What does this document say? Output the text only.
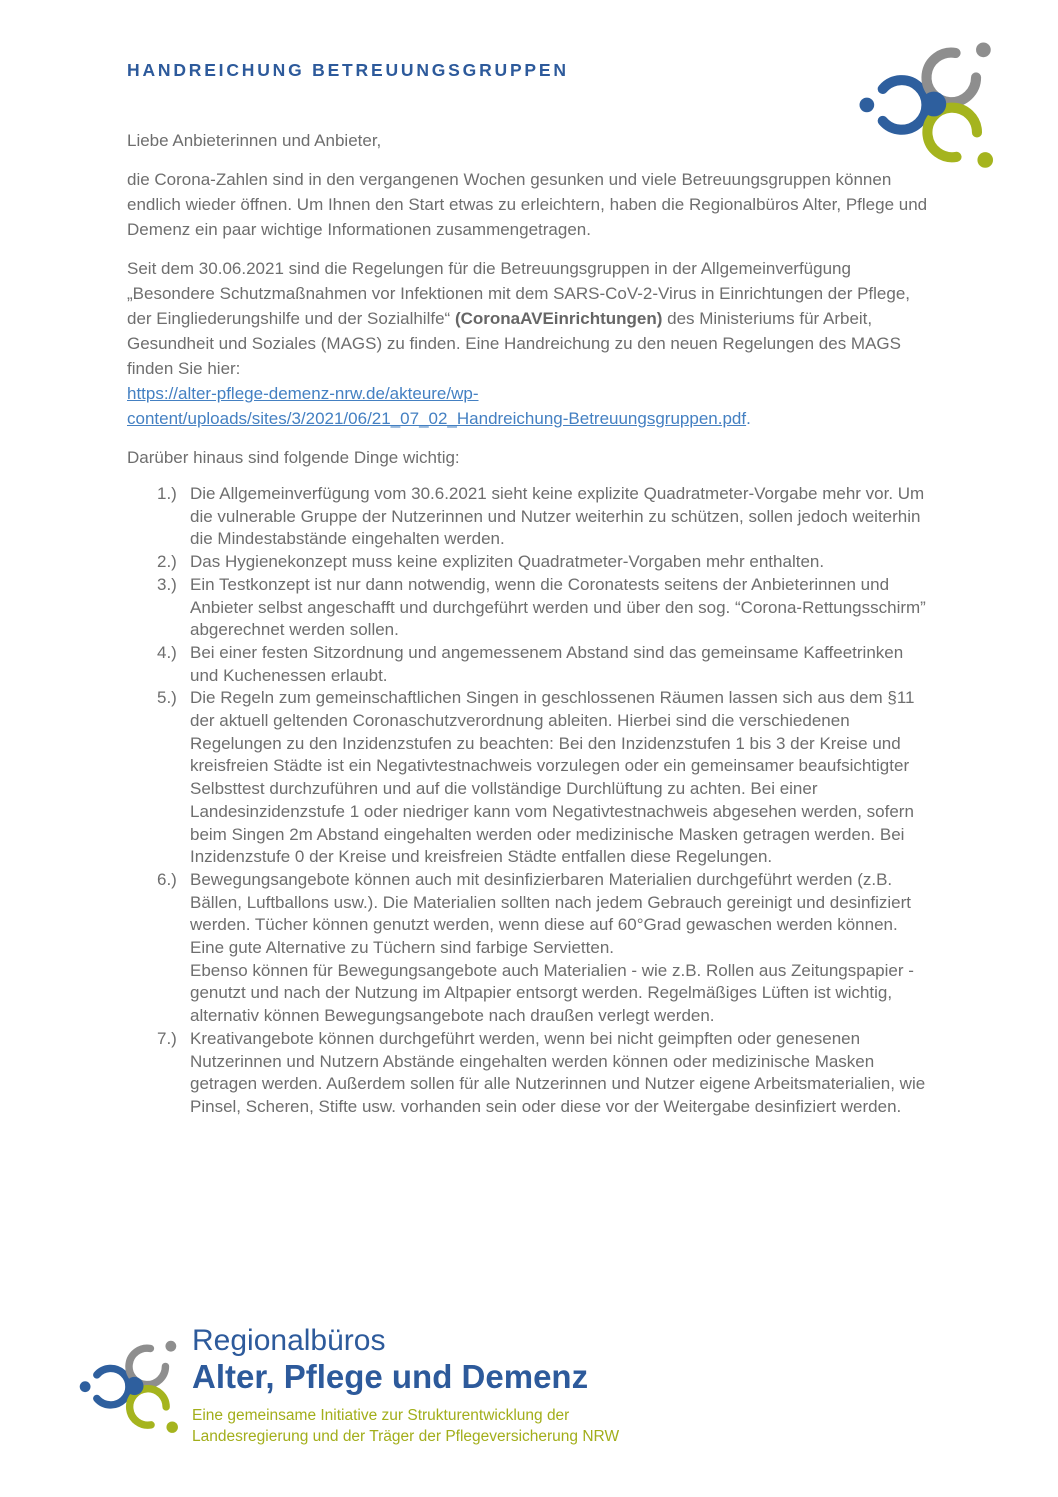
HANDREICHUNG BETREUUNGSGRUPPEN

Liebe Anbieterinnen und Anbieter,

die Corona-Zahlen sind in den vergangenen Wochen gesunken und viele Betreuungsgruppen können endlich wieder öffnen. Um Ihnen den Start etwas zu erleichtern, haben die Regionalbüros Alter, Pflege und Demenz ein paar wichtige Informationen zusammengetragen.

Seit dem 30.06.2021 sind die Regelungen für die Betreuungsgruppen in der Allgemeinverfügung „Besondere Schutzmaßnahmen vor Infektionen mit dem SARS-CoV-2-Virus in Einrichtungen der Pflege, der Eingliederungshilfe und der Sozialhilfe“ (CoronaAVEinrichtungen) des Ministeriums für Arbeit, Gesundheit und Soziales (MAGS) zu finden. Eine Handreichung zu den neuen Regelungen des MAGS finden Sie hier:
https://alter-pflege-demenz-nrw.de/akteure/wp-
content/uploads/sites/3/2021/06/21_07_02_Handreichung-Betreuungsgruppen.pdf.

Darüber hinaus sind folgende Dinge wichtig:

1.) Die Allgemeinverfügung vom 30.6.2021 sieht keine explizite Quadratmeter-Vorgabe mehr vor. Um die vulnerable Gruppe der Nutzerinnen und Nutzer weiterhin zu schützen, sollen jedoch weiterhin die Mindestabstände eingehalten werden.

2.) Das Hygienekonzept muss keine expliziten Quadratmeter-Vorgaben mehr enthalten.

3.) Ein Testkonzept ist nur dann notwendig, wenn die Coronatests seitens der Anbieterinnen und Anbieter selbst angeschafft und durchgeführt werden und über den sog. “Corona-Rettungsschirm” abgerechnet werden sollen.

4.) Bei einer festen Sitzordnung und angemessenem Abstand sind das gemeinsame Kaffeetrinken und Kuchenessen erlaubt.

5.) Die Regeln zum gemeinschaftlichen Singen in geschlossenen Räumen lassen sich aus dem §11 der aktuell geltenden Coronaschutzverordnung ableiten. Hierbei sind die verschiedenen Regelungen zu den Inzidenzstufen zu beachten: Bei den Inzidenzstufen 1 bis 3 der Kreise und kreisfreien Städte ist ein Negativtestnachweis vorzulegen oder ein gemeinsamer beaufsichtigter Selbsttest durchzuführen und auf die vollständige Durchlüftung zu achten. Bei einer Landesinzidenzstufe 1 oder niedriger kann vom Negativtestnachweis abgesehen werden, sofern beim Singen 2m Abstand eingehalten werden oder medizinische Masken getragen werden. Bei Inzidenzstufe 0 der Kreise und kreisfreien Städte entfallen diese Regelungen.

6.) Bewegungsangebote können auch mit desinfizierbaren Materialien durchgeführt werden (z.B. Bällen, Luftballons usw.). Die Materialien sollten nach jedem Gebrauch gereinigt und desinfiziert werden. Tücher können genutzt werden, wenn diese auf 60°Grad gewaschen werden können. Eine gute Alternative zu Tüchern sind farbige Servietten.

Ebenso können für Bewegungsangebote auch Materialien - wie z.B. Rollen aus Zeitungspapier - genutzt und nach der Nutzung im Altpapier entsorgt werden. Regelmäßiges Lüften ist wichtig, alternativ können Bewegungsangebote nach draußen verlegt werden.

7.) Kreativangebote können durchgeführt werden, wenn bei nicht geimpften oder genesenen Nutzerinnen und Nutzern Abstände eingehalten werden können oder medizinische Masken getragen werden. Außerdem sollen für alle Nutzerinnen und Nutzer eigene Arbeitsmaterialien, wie Pinsel, Scheren, Stifte usw. vorhanden sein oder diese vor der Weitergabe desinfiziert werden.

Regionalbüros

Alter, Pflege und Demenz

Eine gemeinsame Initiative zur Strukturentwicklung der
Landesregierung und der Träger der Pflegeversicherung NRW
